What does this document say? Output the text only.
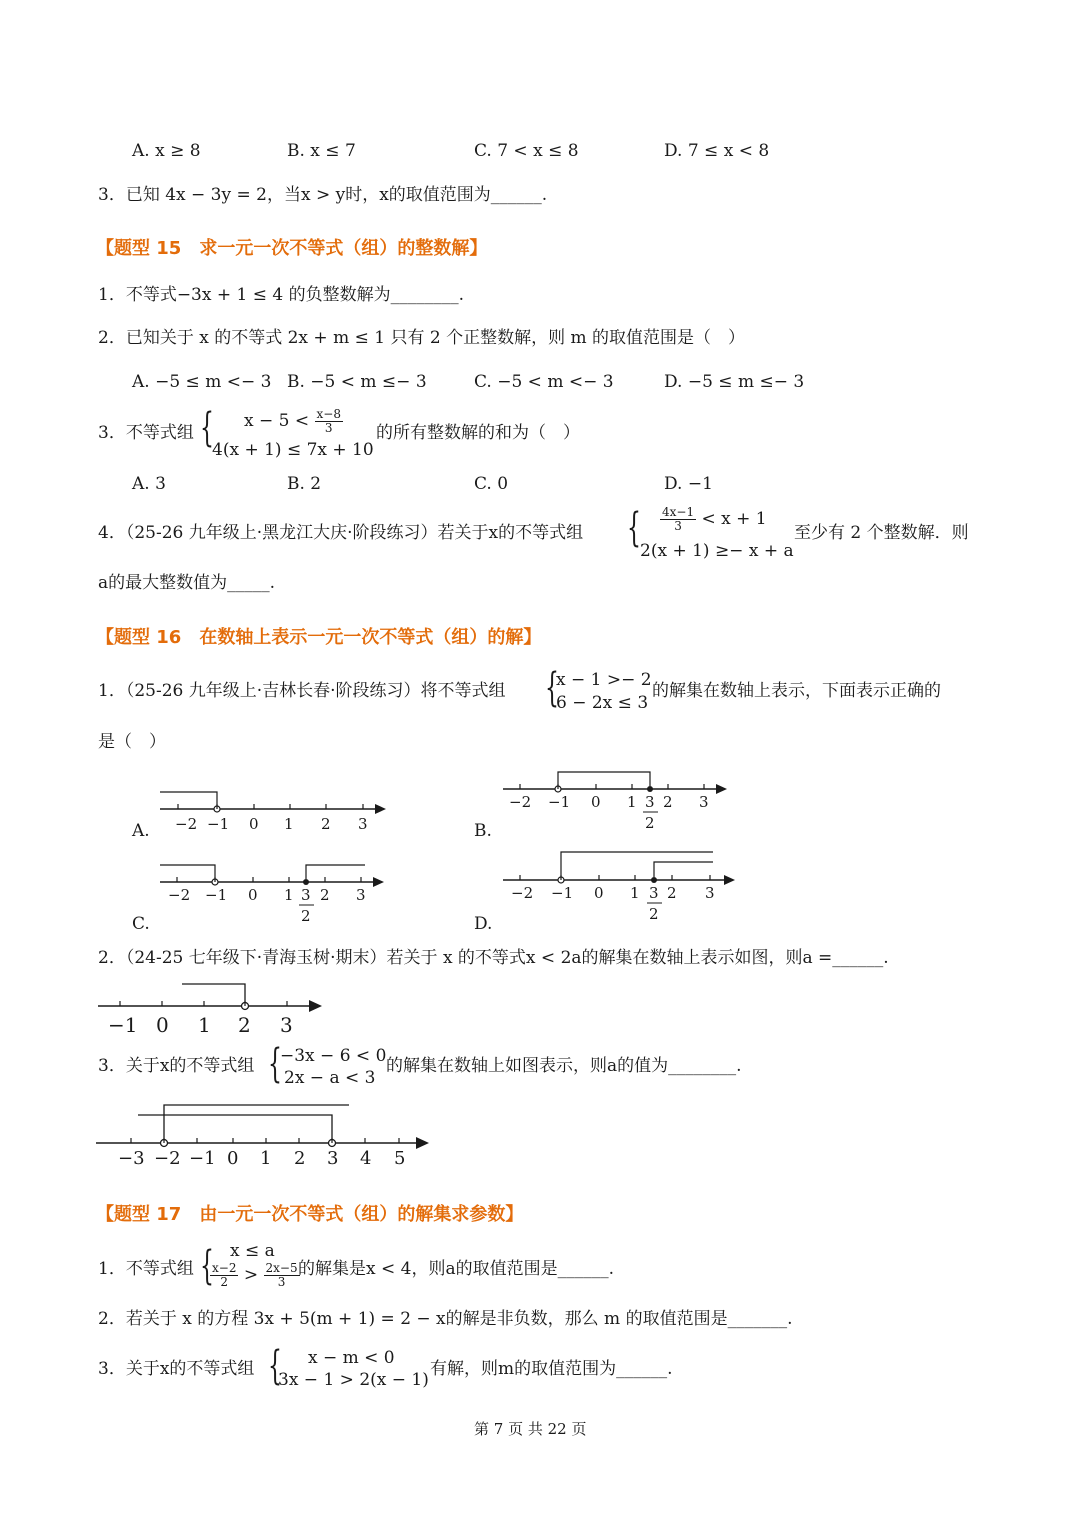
A. x ≥ 8	B. x ≤ 7	C. 7 < x ≤ 8	D. 7 ≤ x < 8
3．已知 4x − 3y = 2，当x > y时，x的取值范围为______.
【题型 15　求一元一次不等式（组）的整数解】
1．不等式−3x + 1 ≤ 4 的负整数解为________.
2．已知关于 x 的不等式 2x + m ≤ 1 只有 2 个正整数解，则 m 的取值范围是（　）
A. −5 ≤ m <− 3 B. −5 < m ≤− 3	C. −5 < m <− 3	D. −5 ≤ m ≤− 3
3．不等式组 { $x - 5 < \frac{x-8}{3}$
4(x + 1) ≤ 7x + 10
的所有整数解的和为（　）
A. 3	B. 2	C. 0	D. −1
4．（25-26 九年级上·黑龙江大庆·阶段练习）若关于x的不等式组 { $\frac{4x-1}{3} < x + 1$
2(x + 1) ≥− x + a
至少有 2 个整数解．则
a的最大整数值为_____.
【题型 16　在数轴上表示一元一次不等式（组）的解】
1．（25-26 九年级上·吉林长春·阶段练习）将不等式组 {
x − 1 >− 2
6 − 2x ≤ 3
的解集在数轴上表示，下面表示正确的
是（　）
A.	B.
C.	D.
−2 −1 0 1 2 3
−2 −1 0 1 3
2
2 3
−2 −1 0 1 3
2
2 3	−2 −1 0 1 3
2
2 3
2．（24-25 七年级下·青海玉树·期末）若关于 x 的不等式x < 2a的解集在数轴上表示如图，则a =______.
−1 0 1 2 3
3．关于x的不等式组 {
−3x − 6 < 0
2x − a < 3
的解集在数轴上如图表示，则a的值为________.
−3 −2 −1 0 1 2 3 4 5
【题型 17　由一元一次不等式（组）的解集求参数】
1．不等式组 { x ≤ a
$\frac{x-2}{2} > \frac{2x-5}{3}$
的解集是x < 4，则a的取值范围是______.
2．若关于 x 的方程 3x + 5(m + 1) = 2 − x的解是非负数，那么 m 的取值范围是_______.
3．关于x的不等式组 { x − m < 0
3x − 1 > 2(x − 1)
有解，则m的取值范围为______.
第 7 页 共 22 页
